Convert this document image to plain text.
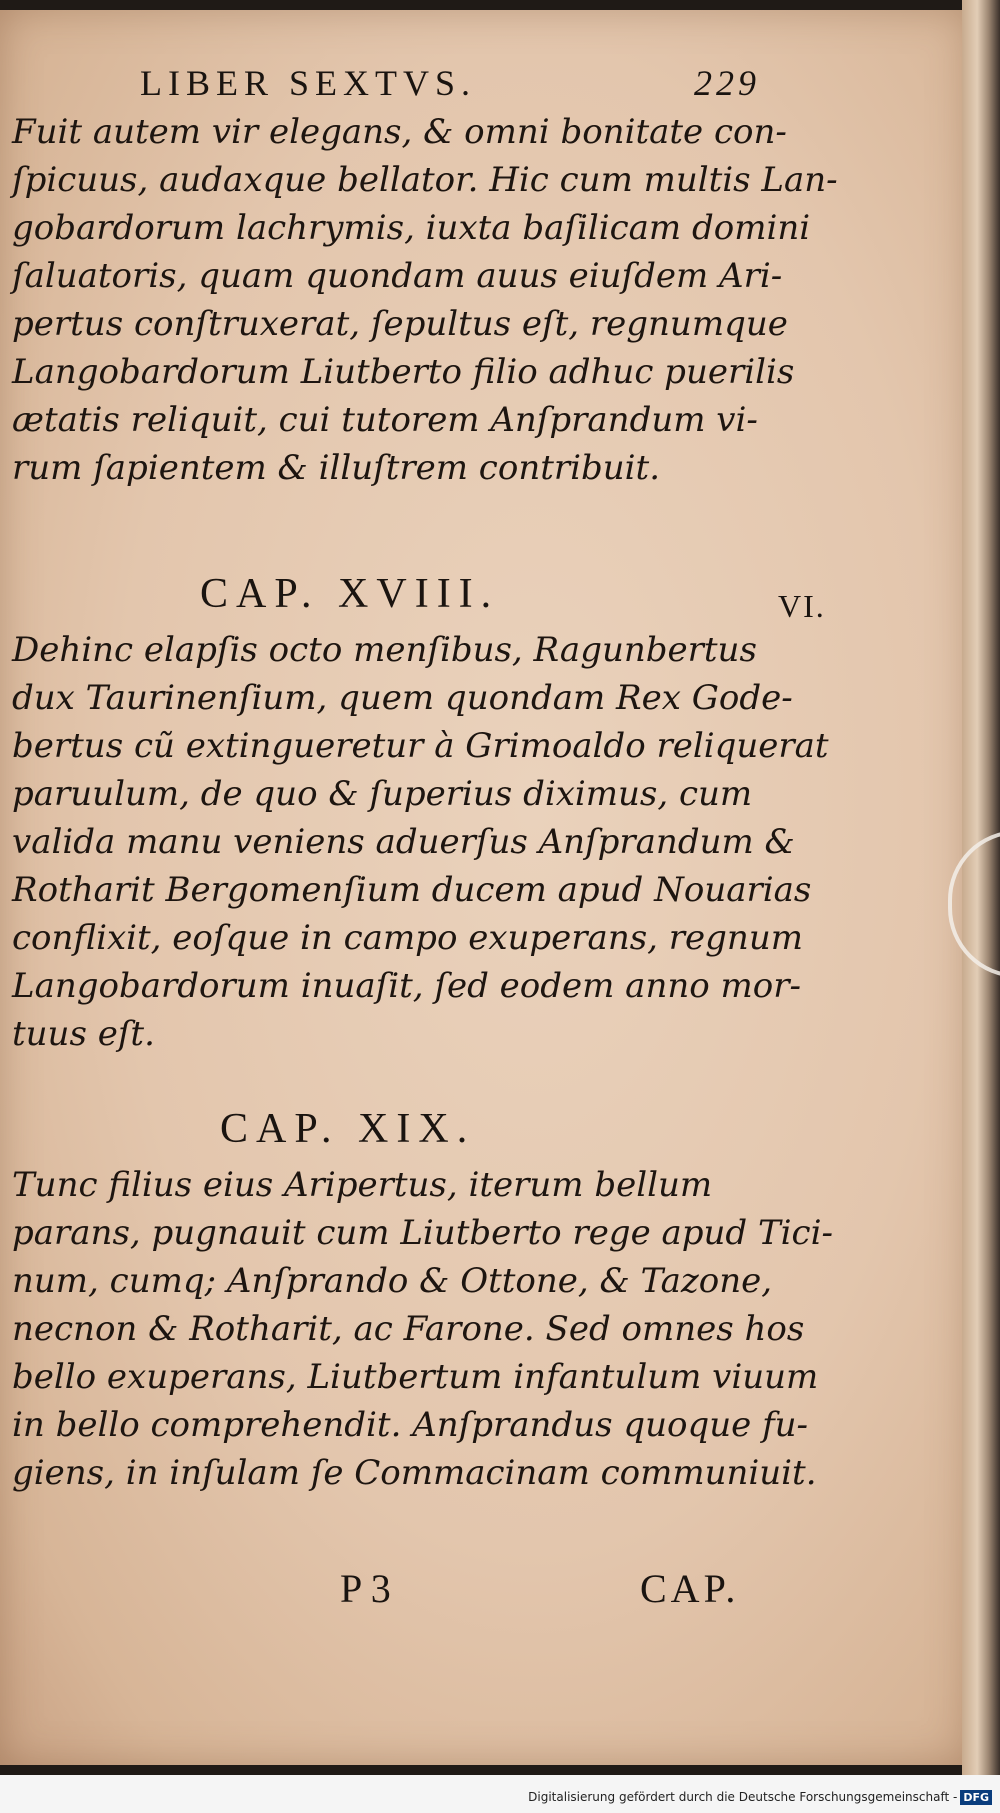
LIBER SEXTVS.	229
Fuit autem vir elegans, & omni bonitate con-
ſpicuus, audaxque bellator. Hic cum multis Lan-
gobardorum lachrymis, iuxta baſilicam domini
ſaluatoris, quam quondam auus eiuſdem Ari-
pertus conſtruxerat, ſepultus eſt, regnumque
Langobardorum Liutberto filio adhuc puerilis
ætatis reliquit, cui tutorem Anſprandum vi-
rum ſapientem & illuſtrem contribuit.
CAP. XVIII.	VI.
Dehinc elapſis octo menſibus, Ragunbertus
dux Taurinenſium, quem quondam Rex Gode-
bertus cũ extingueretur à Grimoaldo reliquerat
paruulum, de quo & ſuperius diximus, cum
valida manu veniens aduerſus Anſprandum &
Rotharit Bergomenſium ducem apud Nouarias
conflixit, eoſque in campo exuperans, regnum
Langobardorum inuaſit, ſed eodem anno mor-
tuus eſt.
CAP. XIX.
Tunc filius eius Aripertus, iterum bellum
parans, pugnauit cum Liutberto rege apud Tici-
num, cumq; Anſprando & Ottone, & Tazone,
necnon & Rotharit, ac Farone. Sed omnes hos
bello exuperans, Liutbertum infantulum viuum
in bello comprehendit. Anſprandus quoque fu-
giens, in inſulam ſe Commacinam communiuit.
P 3	CAP.
Digitalisierung gefördert durch die Deutsche Forschungsgemeinschaft - DFG
